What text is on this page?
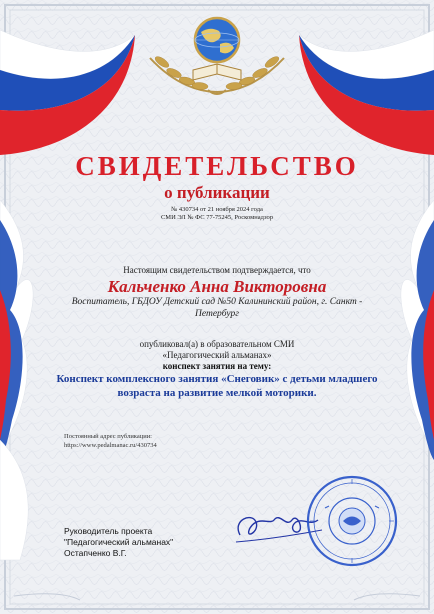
СВИДЕТЕЛЬСТВО
о публикации
№ 430734 от 21 ноября 2024 года
СМИ ЭЛ № ФС 77-75245, Роскомнадзор
Настоящим свидетельством подтверждается, что
Кальченко Анна Викторовна
Воспитатель, ГБДОУ Детский сад №50 Калининский район, г. Санкт - Петербург
опубликовал(а) в образовательном СМИ
«Педагогический альманах»
конспект занятия на тему:
Конспект комплексного занятия «Снеговик» с детьми младшего возраста на развитие мелкой моторики.
Постоянный адрес публикации:
https://www.pedalmanac.ru/430734
Руководитель проекта
"Педагогический альманах"
Остапченко В.Г.
